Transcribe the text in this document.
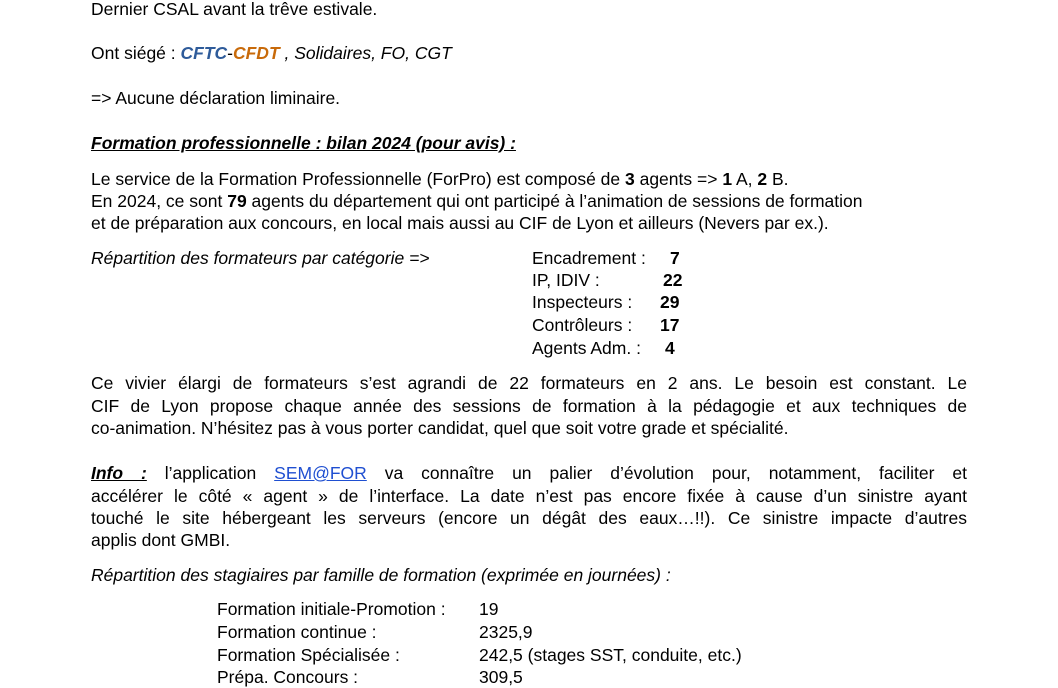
Dernier CSAL avant la trêve estivale.
Ont siégé : CFTC-CFDT , Solidaires, FO, CGT
=> Aucune déclaration liminaire.
Formation professionnelle : bilan 2024 (pour avis) :
Le service de la Formation Professionnelle (ForPro) est composé de 3 agents => 1 A, 2 B.
En 2024, ce sont 79 agents du département qui ont participé à l’animation de sessions de formation
et de préparation aux concours, en local mais aussi au CIF de Lyon et ailleurs (Nevers par ex.).
Répartition des formateurs par catégorie =>	Encadrement : 7
IP, IDIV :	22
Inspecteurs : 29
Contrôleurs : 17
Agents Adm. : 4
Ce vivier élargi de formateurs s’est agrandi de 22 formateurs en 2 ans. Le besoin est constant. Le
CIF de Lyon propose chaque année des sessions de formation à la pédagogie et aux techniques de
co-animation. N’hésitez pas à vous porter candidat, quel que soit votre grade et spécialité.
Info : l’application SEM@FOR va connaître un palier d’évolution pour, notamment, faciliter et
accélérer le côté « agent » de l’interface. La date n’est pas encore fixée à cause d’un sinistre ayant
touché le site hébergeant les serveurs (encore un dégât des eaux…!!). Ce sinistre impacte d’autres
applis dont GMBI.
Répartition des stagiaires par famille de formation (exprimée en journées) :
Formation initiale-Promotion : 19
Formation continue :	2325,9
Formation Spécialisée :	242,5 (stages SST, conduite, etc.)
Prépa. Concours :	309,5
